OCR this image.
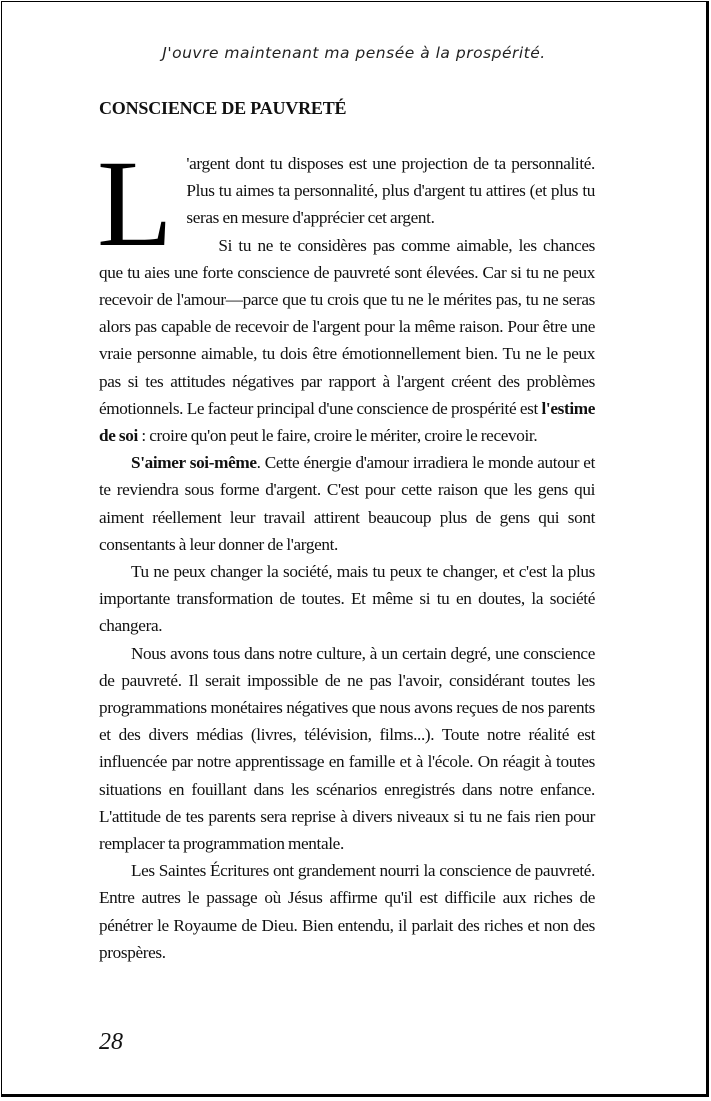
J'ouvre maintenant ma pensée à la prospérité.
CONSCIENCE DE PAUVRETÉ
L 'argent dont tu disposes est une projection de ta personnalité. Plus tu aimes ta personnalité, plus d'argent tu attires (et plus tu seras en mesure d'apprécier cet argent.

Si tu ne te considères pas comme aimable, les chances que tu aies une forte conscience de pauvreté sont élevées. Car si tu ne peux recevoir de l'amour—parce que tu crois que tu ne le mérites pas, tu ne seras alors pas capable de recevoir de l'argent pour la même raison. Pour être une vraie personne aimable, tu dois être émotionnellement bien. Tu ne le peux pas si tes attitudes négatives par rapport à l'argent créent des problèmes émotionnels. Le facteur principal d'une conscience de prospérité est l'estime de soi : croire qu'on peut le faire, croire le mériter, croire le recevoir.

S'aimer soi-même. Cette énergie d'amour irradiera le monde autour et te reviendra sous forme d'argent. C'est pour cette raison que les gens qui aiment réellement leur travail attirent beaucoup plus de gens qui sont consentants à leur donner de l'argent.

Tu ne peux changer la société, mais tu peux te changer, et c'est la plus importante transformation de toutes. Et même si tu en doutes, la société changera.

Nous avons tous dans notre culture, à un certain degré, une conscience de pauvreté. Il serait impossible de ne pas l'avoir, considérant toutes les programmations monétaires négatives que nous avons reçues de nos parents et des divers médias (livres, télévision, films...). Toute notre réalité est influencée par notre apprentissage en famille et à l'école. On réagit à toutes situations en fouillant dans les scénarios enregistrés dans notre enfance. L'attitude de tes parents sera reprise à divers niveaux si tu ne fais rien pour remplacer ta programmation mentale.

Les Saintes Écritures ont grandement nourri la conscience de pauvreté. Entre autres le passage où Jésus affirme qu'il est difficile aux riches de pénétrer le Royaume de Dieu. Bien entendu, il parlait des riches et non des prospères.

28
